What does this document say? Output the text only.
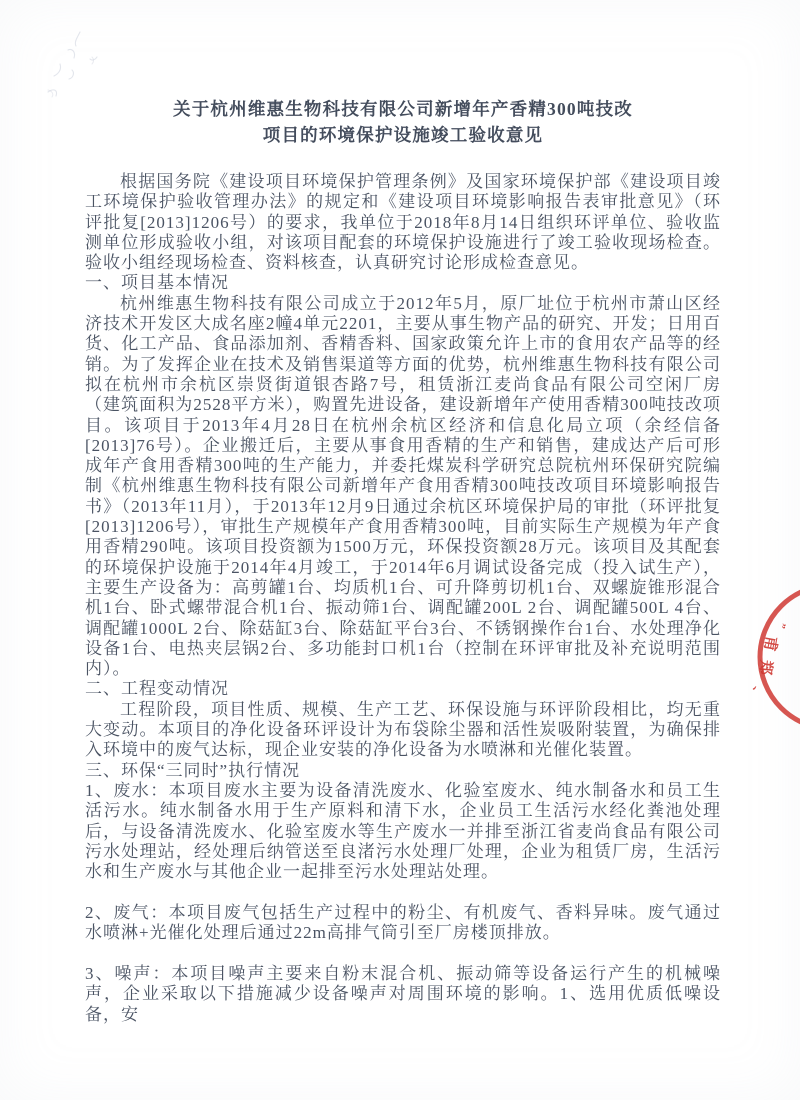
关于杭州维惠生物科技有限公司新增年产香精300吨技改
项目的环境保护设施竣工验收意见

根据国务院《建设项目环境保护管理条例》及国家环境保护部《建设项目竣工环境保护验收管理办法》的规定和《建设项目环境影响报告表审批意见》（环评批复[2013]1206号）的要求，我单位于2018年8月14日组织环评单位、验收监测单位形成验收小组，对该项目配套的环境保护设施进行了竣工验收现场检查。验收小组经现场检查、资料核查，认真研究讨论形成检查意见。

一、项目基本情况

杭州维惠生物科技有限公司成立于2012年5月，原厂址位于杭州市萧山区经济技术开发区大成名座2幢4单元2201，主要从事生物产品的研究、开发；日用百货、化工产品、食品添加剂、香精香料、国家政策允许上市的食用农产品等的经销。为了发挥企业在技术及销售渠道等方面的优势，杭州维惠生物科技有限公司拟在杭州市余杭区崇贤街道银杏路7号，租赁浙江麦尚食品有限公司空闲厂房（建筑面积为2528平方米），购置先进设备，建设新增年产使用香精300吨技改项目。该项目于2013年4月28日在杭州余杭区经济和信息化局立项（余经信备[2013]76号）。企业搬迁后，主要从事食用香精的生产和销售，建成达产后可形成年产食用香精300吨的生产能力，并委托煤炭科学研究总院杭州环保研究院编制《杭州维惠生物科技有限公司新增年产食用香精300吨技改项目环境影响报告书》（2013年11月），于2013年12月9日通过余杭区环境保护局的审批（环评批复[2013]1206号），审批生产规模年产食用香精300吨，目前实际生产规模为年产食用香精290吨。该项目投资额为1500万元，环保投资额28万元。该项目及其配套的环境保护设施于2014年4月竣工，于2014年6月调试设备完成（投入试生产），主要生产设备为：高剪罐1台、均质机1台、可升降剪切机1台、双螺旋锥形混合机1台、卧式螺带混合机1台、振动筛1台、调配罐200L 2台、调配罐500L 4台、调配罐1000L 2台、除菇缸3台、除菇缸平台3台、不锈钢操作台1台、水处理净化设备1台、电热夹层锅2台、多功能封口机1台（控制在环评审批及补充说明范围内）。

二、工程变动情况

工程阶段，项目性质、规模、生产工艺、环保设施与环评阶段相比，均无重大变动。本项目的净化设备环评设计为布袋除尘器和活性炭吸附装置，为确保排入环境中的废气达标，现企业安装的净化设备为水喷淋和光催化装置。

三、环保“三同时”执行情况

1、废水：本项目废水主要为设备清洗废水、化验室废水、纯水制备水和员工生活污水。纯水制备水用于生产原料和清下水，企业员工生活污水经化粪池处理后，与设备清洗废水、化验室废水等生产废水一并排至浙江省麦尚食品有限公司污水处理站，经处理后纳管送至良渚污水处理厂处理，企业为租赁厂房，生活污水和生产废水与其他企业一起排至污水处理站处理。

2、废气：本项目废气包括生产过程中的粉尘、有机废气、香料异味。废气通过水喷淋+光催化处理后通过22m高排气筒引至厂房楼顶排放。

3、噪声：本项目噪声主要来自粉末混合机、振动筛等设备运行产生的机械噪声，企业采取以下措施减少设备噪声对周围环境的影响。1、选用优质低噪设备，安

”
甫
郑
、
